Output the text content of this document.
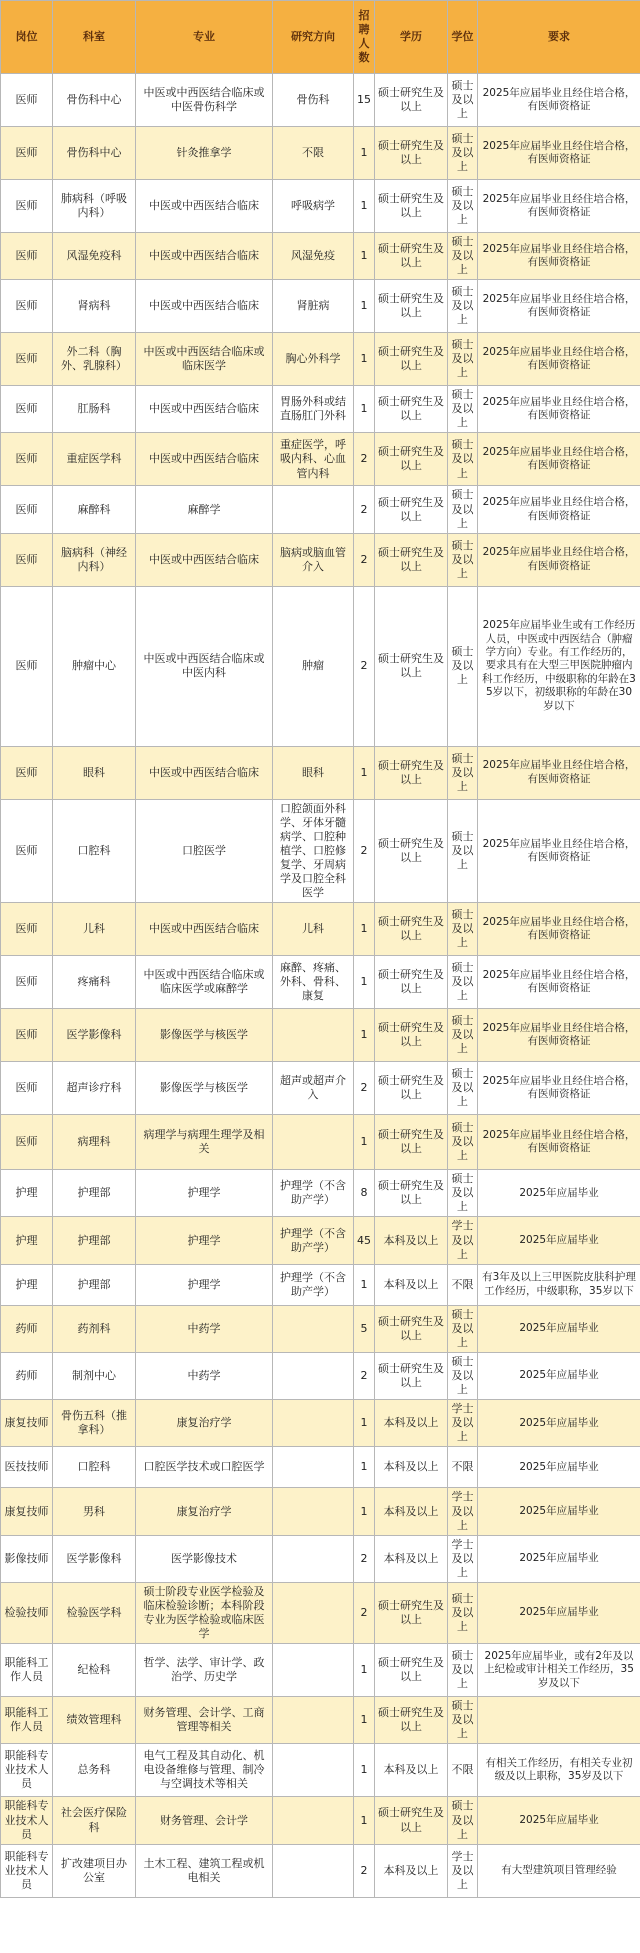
岗位	科室	专业	研究方向	招聘人数	学历	学位	要求
医师	骨伤科中心	中医或中西医结合临床或中医骨伤科学	骨伤科	15	硕士研究生及以上	硕士及以上	2025年应届毕业且经住培合格，有医师资格证
医师	骨伤科中心	针灸推拿学	不限	1	硕士研究生及以上	硕士及以上	2025年应届毕业且经住培合格，有医师资格证
医师	肺病科（呼吸内科）	中医或中西医结合临床	呼吸病学	1	硕士研究生及以上	硕士及以上	2025年应届毕业且经住培合格，有医师资格证
医师	风湿免疫科	中医或中西医结合临床	风湿免疫	1	硕士研究生及以上	硕士及以上	2025年应届毕业且经住培合格，有医师资格证
医师	肾病科	中医或中西医结合临床	肾脏病	1	硕士研究生及以上	硕士及以上	2025年应届毕业且经住培合格，有医师资格证
医师	外二科（胸外、乳腺科）	中医或中西医结合临床或临床医学	胸心外科学	1	硕士研究生及以上	硕士及以上	2025年应届毕业且经住培合格，有医师资格证
医师	肛肠科	中医或中西医结合临床	胃肠外科或结直肠肛门外科	1	硕士研究生及以上	硕士及以上	2025年应届毕业且经住培合格，有医师资格证
医师	重症医学科	中医或中西医结合临床	重症医学，呼吸内科、心血管内科	2	硕士研究生及以上	硕士及以上	2025年应届毕业且经住培合格，有医师资格证
医师	麻醉科	麻醉学		2	硕士研究生及以上	硕士及以上	2025年应届毕业且经住培合格，有医师资格证
医师	脑病科（神经内科）	中医或中西医结合临床	脑病或脑血管介入	2	硕士研究生及以上	硕士及以上	2025年应届毕业且经住培合格，有医师资格证
医师	肿瘤中心	中医或中西医结合临床或中医内科	肿瘤	2	硕士研究生及以上	硕士及以上	2025年应届毕业生或有工作经历人员，中医或中西医结合（肿瘤学方向）专业。有工作经历的，要求具有在大型三甲医院肿瘤内科工作经历，中级职称的年龄在35岁以下，初级职称的年龄在30岁以下
医师	眼科	中医或中西医结合临床	眼科	1	硕士研究生及以上	硕士及以上	2025年应届毕业且经住培合格，有医师资格证
医师	口腔科	口腔医学	口腔颌面外科学、牙体牙髓病学、口腔种植学、口腔修复学、牙周病学及口腔全科医学	2	硕士研究生及以上	硕士及以上	2025年应届毕业且经住培合格，有医师资格证
医师	儿科	中医或中西医结合临床	儿科	1	硕士研究生及以上	硕士及以上	2025年应届毕业且经住培合格，有医师资格证
医师	疼痛科	中医或中西医结合临床或临床医学或麻醉学	麻醉、疼痛、外科、骨科、康复	1	硕士研究生及以上	硕士及以上	2025年应届毕业且经住培合格，有医师资格证
医师	医学影像科	影像医学与核医学		1	硕士研究生及以上	硕士及以上	2025年应届毕业且经住培合格，有医师资格证
医师	超声诊疗科	影像医学与核医学	超声或超声介入	2	硕士研究生及以上	硕士及以上	2025年应届毕业且经住培合格，有医师资格证
医师	病理科	病理学与病理生理学及相关		1	硕士研究生及以上	硕士及以上	2025年应届毕业且经住培合格，有医师资格证
护理	护理部	护理学	护理学（不含助产学）	8	硕士研究生及以上	硕士及以上	2025年应届毕业
护理	护理部	护理学	护理学（不含助产学）	45	本科及以上	学士及以上	2025年应届毕业
护理	护理部	护理学	护理学（不含助产学）	1	本科及以上	不限	有3年及以上三甲医院皮肤科护理工作经历，中级职称，35岁以下
药师	药剂科	中药学		5	硕士研究生及以上	硕士及以上	2025年应届毕业
药师	制剂中心	中药学		2	硕士研究生及以上	硕士及以上	2025年应届毕业
康复技师	骨伤五科（推拿科）	康复治疗学		1	本科及以上	学士及以上	2025年应届毕业
医技技师	口腔科	口腔医学技术或口腔医学		1	本科及以上	不限	2025年应届毕业
康复技师	男科	康复治疗学		1	本科及以上	学士及以上	2025年应届毕业
影像技师	医学影像科	医学影像技术		2	本科及以上	学士及以上	2025年应届毕业
检验技师	检验医学科	硕士阶段专业医学检验及临床检验诊断；本科阶段专业为医学检验或临床医学		2	硕士研究生及以上	硕士及以上	2025年应届毕业
职能科工作人员	纪检科	哲学、法学、审计学、政治学、历史学		1	硕士研究生及以上	硕士及以上	2025年应届毕业，或有2年及以上纪检或审计相关工作经历，35岁及以下
职能科工作人员	绩效管理科	财务管理、会计学、工商管理等相关		1	硕士研究生及以上	硕士及以上	
职能科专业技术人员	总务科	电气工程及其自动化、机电设备维修与管理、制冷与空调技术等相关		1	本科及以上	不限	有相关工作经历，有相关专业初级及以上职称，35岁及以下
职能科专业技术人员	社会医疗保险科	财务管理、会计学		1	硕士研究生及以上	硕士及以上	2025年应届毕业
职能科专业技术人员	扩改建项目办公室	土木工程、建筑工程或机电相关		2	本科及以上	学士及以上	有大型建筑项目管理经验
